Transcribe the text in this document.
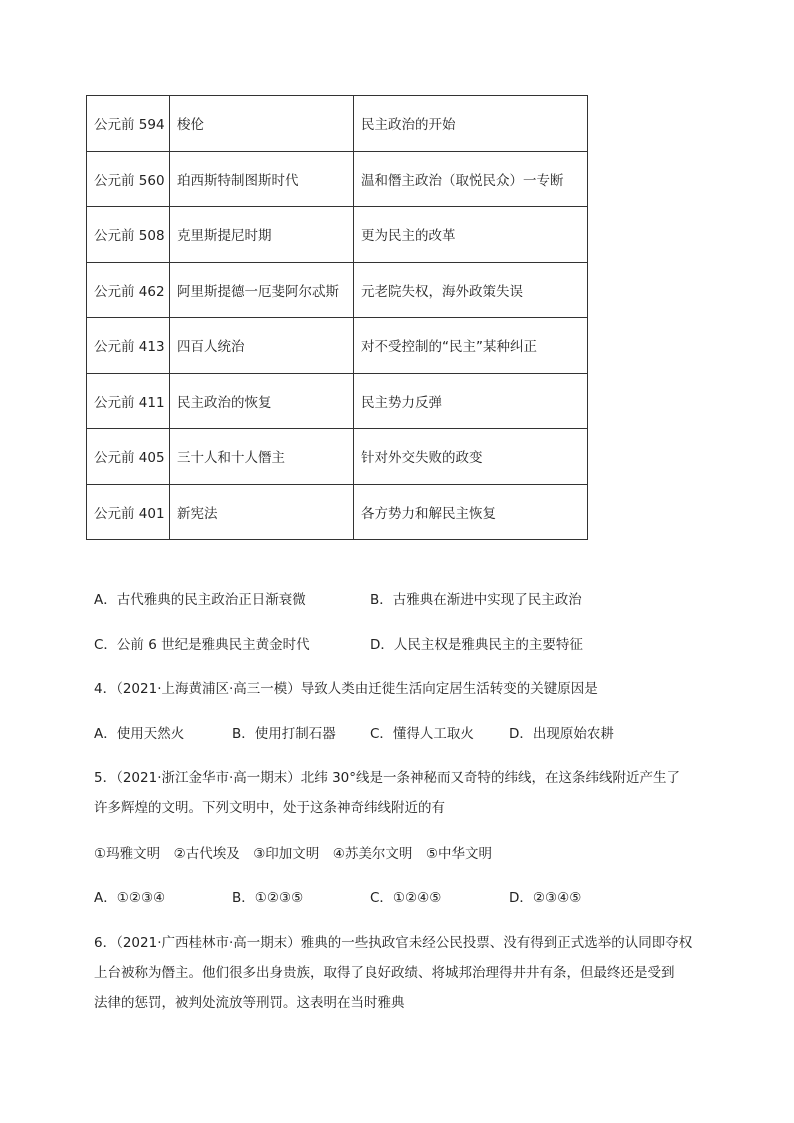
公元前 594	梭伦	民主政治的开始
公元前 560	珀西斯特制图斯时代	温和僭主政治（取悦民众）一专断
公元前 508	克里斯提尼时期	更为民主的改革
公元前 462	阿里斯提德一厄斐阿尔忒斯	元老院失权，海外政策失误
公元前 413	四百人统治	对不受控制的“民主”某种纠正
公元前 411	民主政治的恢复	民主势力反弹
公元前 405	三十人和十人僭主	针对外交失败的政变
公元前 401	新宪法	各方势力和解民主恢复
A．古代雅典的民主政治正日渐衰微	B．古雅典在渐进中实现了民主政治
C．公前 6 世纪是雅典民主黄金时代	D．人民主权是雅典民主的主要特征
4．（2021·上海黄浦区·高三一模）导致人类由迁徙生活向定居生活转变的关键原因是
A．使用天然火	B．使用打制石器	C．懂得人工取火	D．出现原始农耕
5．（2021·浙江金华市·高一期末）北纬 30°线是一条神秘而又奇特的纬线，在这条纬线附近产生了
许多辉煌的文明。下列文明中，处于这条神奇纬线附近的有
①玛雅文明　②古代埃及　③印加文明　④苏美尔文明　⑤中华文明
A．①②③④	B．①②③⑤	C．①②④⑤	D．②③④⑤
6．（2021·广西桂林市·高一期末）雅典的一些执政官未经公民投票、没有得到正式选举的认同即夺权
上台被称为僭主。他们很多出身贵族，取得了良好政绩、将城邦治理得井井有条，但最终还是受到
法律的惩罚，被判处流放等刑罚。这表明在当时雅典
